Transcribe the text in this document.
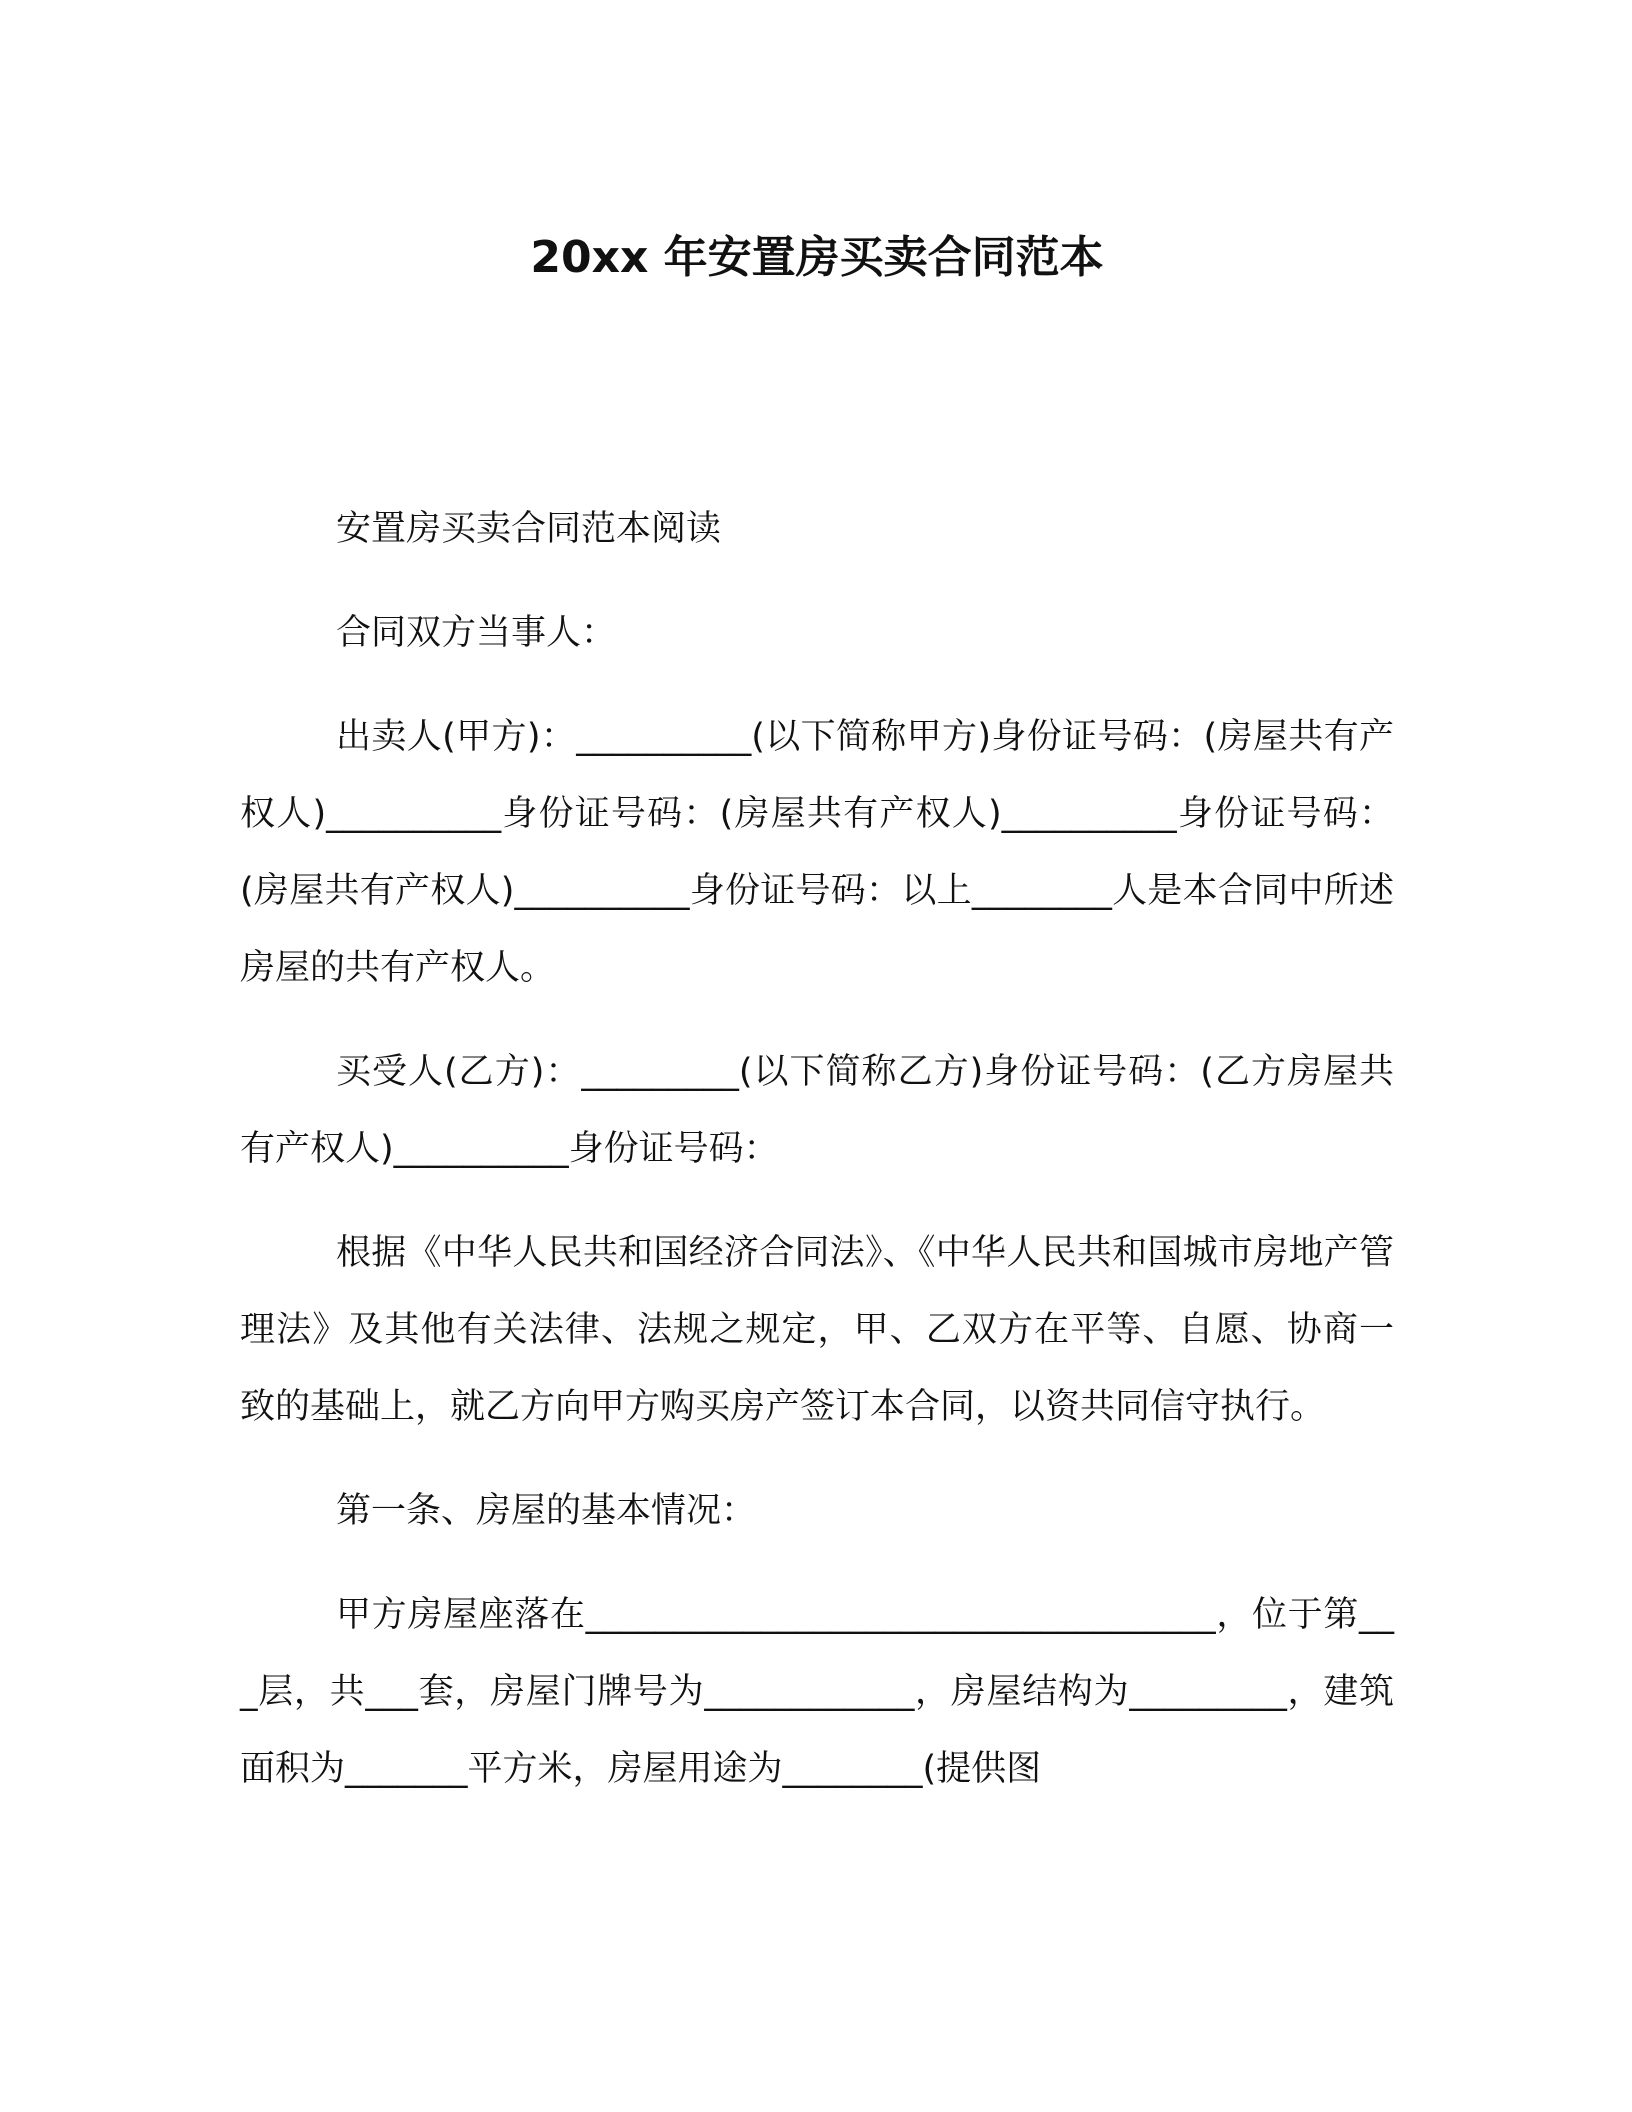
20xx 年安置房买卖合同范本

安置房买卖合同范本阅读

合同双方当事人：

出卖人(甲方)：__________(以下简称甲方)身份证号码：(房屋共有产权人)__________身份证号码：(房屋共有产权人)__________身份证号码：(房屋共有产权人)__________身份证号码：以上________人是本合同中所述房屋的共有产权人。

买受人(乙方)：_________(以下简称乙方)身份证号码：(乙方房屋共有产权人)__________身份证号码：

根据《中华人民共和国经济合同法》、《中华人民共和国城市房地产管理法》及其他有关法律、法规之规定，甲、乙双方在平等、自愿、协商一致的基础上，就乙方向甲方购买房产签订本合同，以资共同信守执行。

第一条、房屋的基本情况：

甲方房屋座落在____________________________________，位于第___层，共___套，房屋门牌号为____________，房屋结构为_________，建筑面积为_______平方米，房屋用途为________(提供图
